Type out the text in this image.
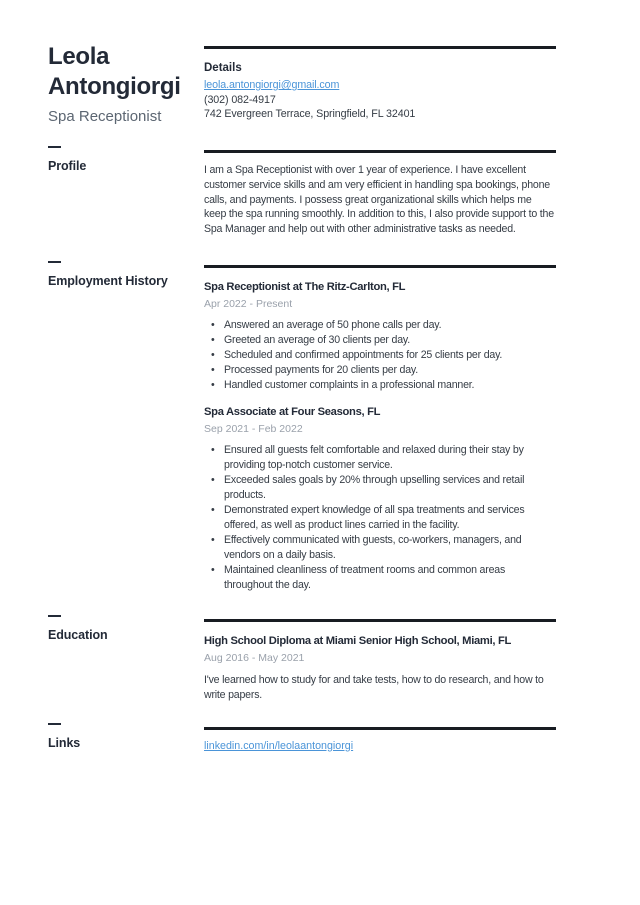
Leola Antongiorgi
Spa Receptionist
Details
leola.antongiorgi@gmail.com
(302) 082-4917
742 Evergreen Terrace, Springfield, FL 32401
Profile	I am a Spa Receptionist with over 1 year of experience. I have excellent customer service skills and am very efficient in handling spa bookings, phone calls, and payments. I possess great organizational skills which helps me keep the spa running smoothly. In addition to this, I also provide support to the Spa Manager and help out with other administrative tasks as needed.

Employment History	Spa Receptionist at The Ritz-Carlton, FL
Apr 2022 - Present
• Answered an average of 50 phone calls per day.
• Greeted an average of 30 clients per day.
• Scheduled and confirmed appointments for 25 clients per day.
• Processed payments for 20 clients per day.
• Handled customer complaints in a professional manner.
Spa Associate at Four Seasons, FL
Sep 2021 - Feb 2022
• Ensured all guests felt comfortable and relaxed during their stay by providing top-notch customer service.
• Exceeded sales goals by 20% through upselling services and retail products.
• Demonstrated expert knowledge of all spa treatments and services offered, as well as product lines carried in the facility.
• Effectively communicated with guests, co-workers, managers, and vendors on a daily basis.
• Maintained cleanliness of treatment rooms and common areas throughout the day.
Education	High School Diploma at Miami Senior High School, Miami, FL
Aug 2016 - May 2021

I've learned how to study for and take tests, how to do research, and how to write papers.

Links	linkedin.com/in/leolaantongiorgi
